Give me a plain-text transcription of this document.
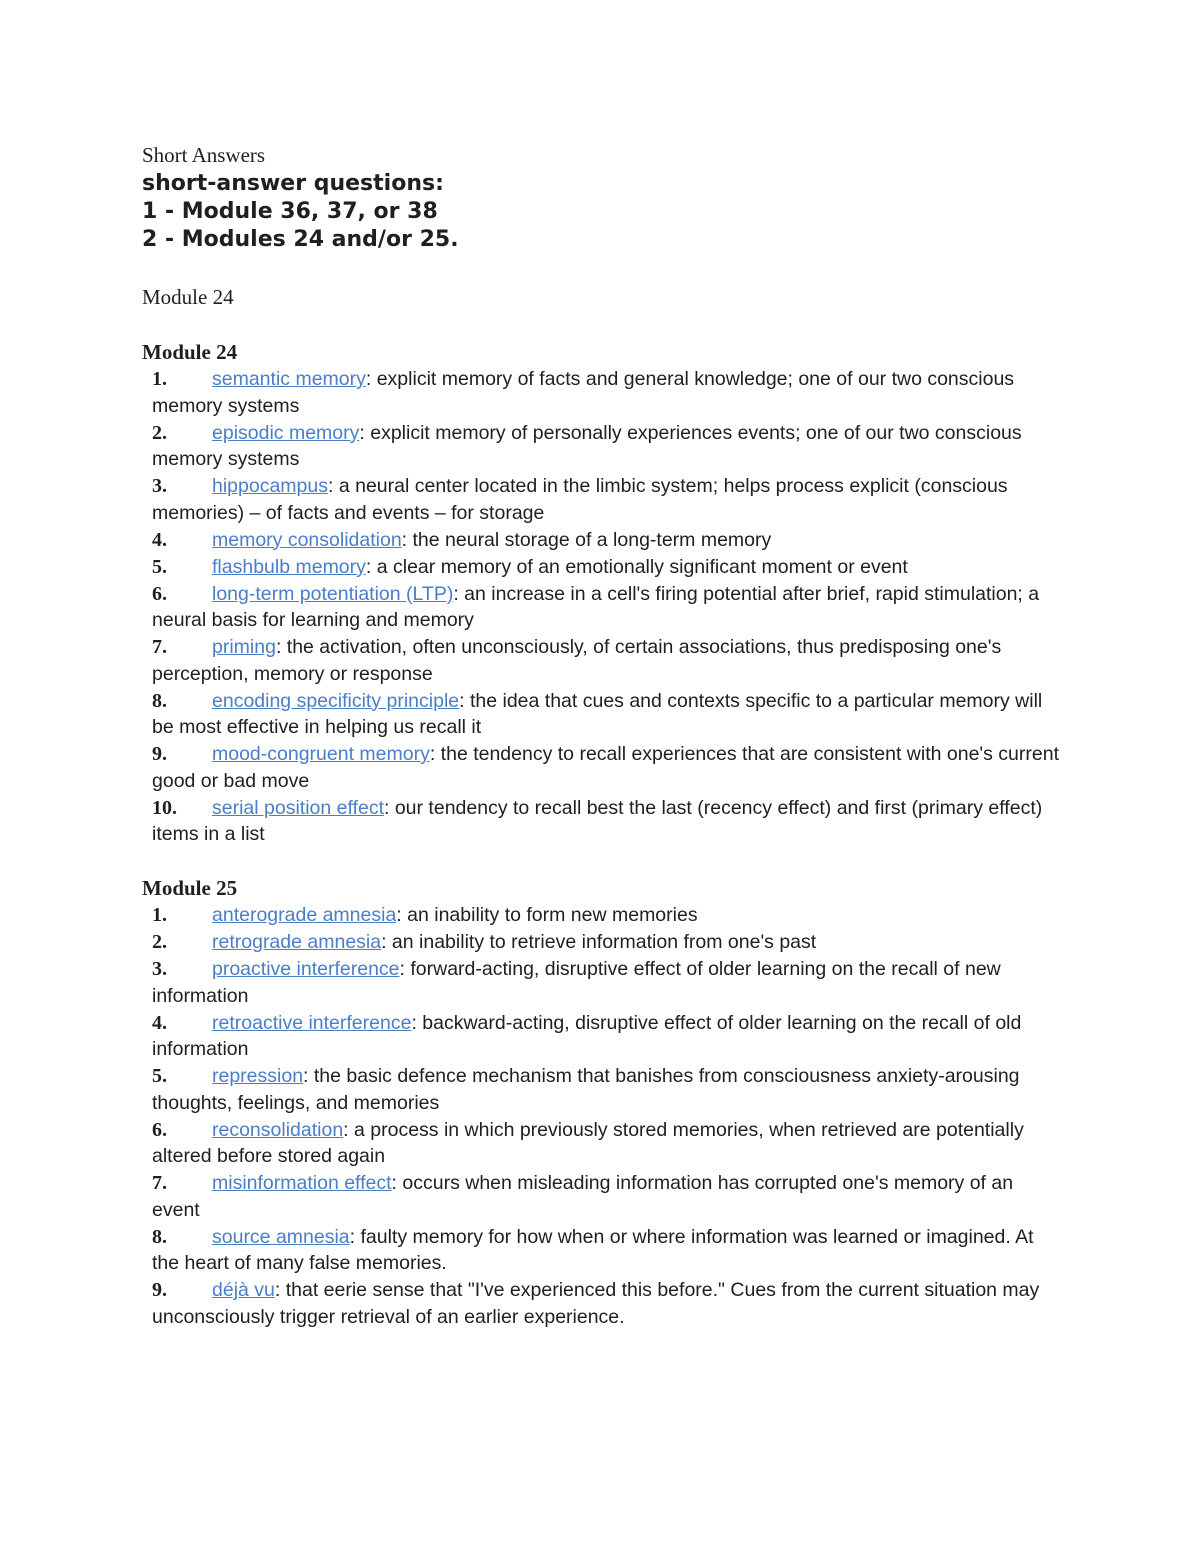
Short Answers

short-answer questions:

1 - Module 36, 37, or 38

2 - Modules 24 and/or 25.

Module 24

Module 24

1. semantic memory: explicit memory of facts and general knowledge; one of our two conscious memory systems
2. episodic memory: explicit memory of personally experiences events; one of our two conscious memory systems
3. hippocampus: a neural center located in the limbic system; helps process explicit (conscious memories) – of facts and events – for storage
4. memory consolidation: the neural storage of a long-term memory
5. flashbulb memory: a clear memory of an emotionally significant moment or event
6. long-term potentiation (LTP): an increase in a cell's firing potential after brief, rapid stimulation; a neural basis for learning and memory
7. priming: the activation, often unconsciously, of certain associations, thus predisposing one's perception, memory or response
8. encoding specificity principle: the idea that cues and contexts specific to a particular memory will be most effective in helping us recall it
9. mood-congruent memory: the tendency to recall experiences that are consistent with one's current good or bad move
10. serial position effect: our tendency to recall best the last (recency effect) and first (primary effect) items in a list

Module 25

1. anterograde amnesia: an inability to form new memories
2. retrograde amnesia: an inability to retrieve information from one's past
3. proactive interference: forward-acting, disruptive effect of older learning on the recall of new information
4. retroactive interference: backward-acting, disruptive effect of older learning on the recall of old information
5. repression: the basic defence mechanism that banishes from consciousness anxiety-arousing thoughts, feelings, and memories
6. reconsolidation: a process in which previously stored memories, when retrieved are potentially altered before stored again
7. misinformation effect: occurs when misleading information has corrupted one's memory of an event
8. source amnesia: faulty memory for how when or where information was learned or imagined. At the heart of many false memories.
9. déjà vu: that eerie sense that "I've experienced this before." Cues from the current situation may unconsciously trigger retrieval of an earlier experience.
